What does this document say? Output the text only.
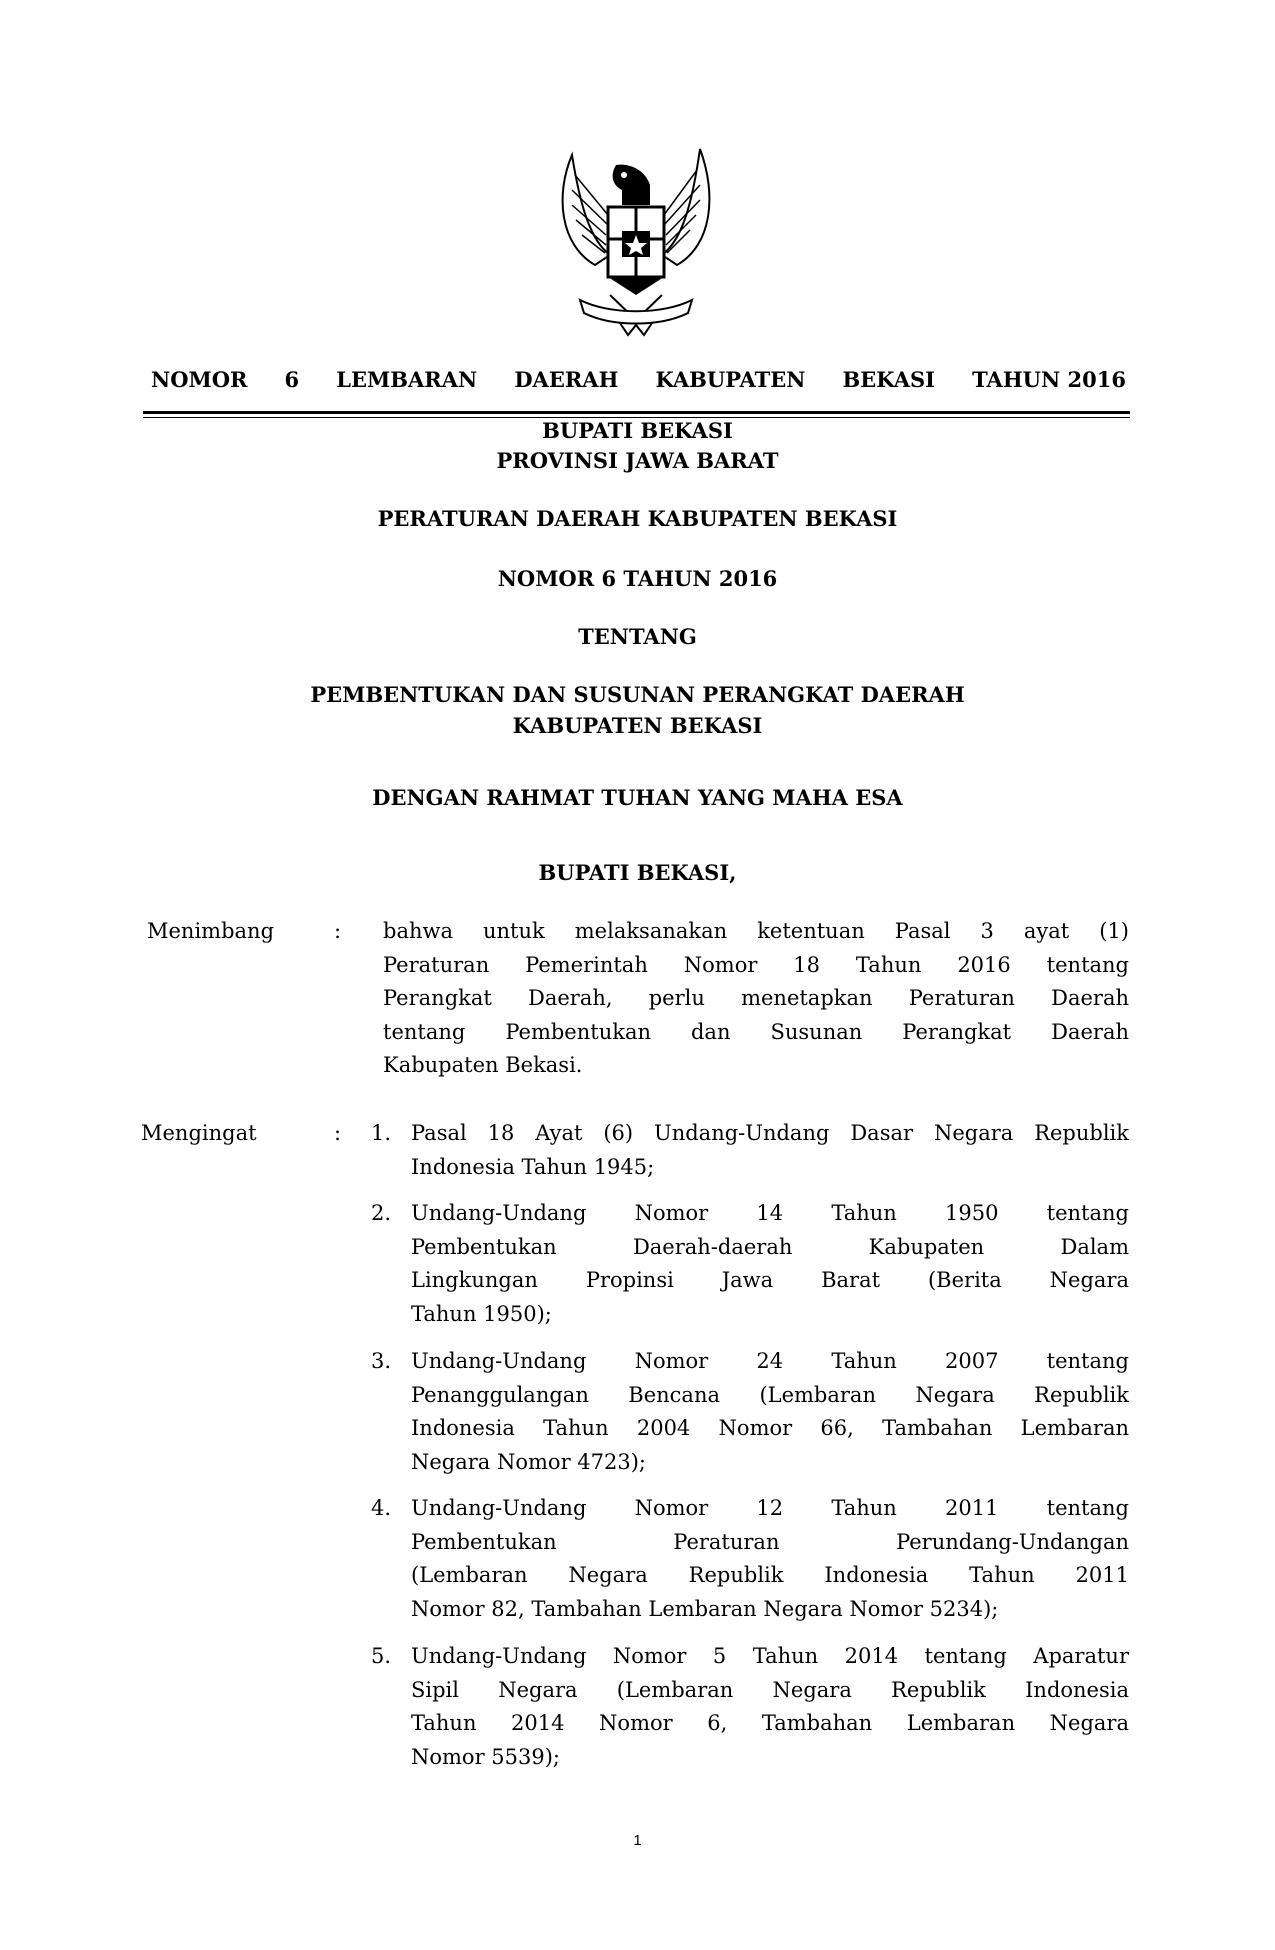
NOMOR 6 LEMBARAN DAERAH KABUPATEN BEKASI TAHUN 2016
BUPATI BEKASI
PROVINSI JAWA BARAT
PERATURAN DAERAH KABUPATEN BEKASI
NOMOR 6 TAHUN 2016
TENTANG
PEMBENTUKAN DAN SUSUNAN PERANGKAT DAERAH
KABUPATEN BEKASI
DENGAN RAHMAT TUHAN YANG MAHA ESA
BUPATI BEKASI,
Menimbang	: bahwa untuk melaksanakan ketentuan Pasal 3 ayat (1)
Peraturan Pemerintah Nomor 18 Tahun 2016 tentang
Perangkat Daerah, perlu menetapkan Peraturan Daerah
tentang Pembentukan dan Susunan Perangkat Daerah
Kabupaten Bekasi.
Mengingat	: 1. Pasal 18 Ayat (6) Undang-Undang Dasar Negara Republik
Indonesia Tahun 1945;
2. Undang-Undang Nomor 14 Tahun 1950 tentang
Pembentukan Daerah-daerah Kabupaten Dalam
Lingkungan Propinsi Jawa Barat (Berita Negara
Tahun 1950);
3. Undang-Undang Nomor 24 Tahun 2007 tentang
Penanggulangan Bencana (Lembaran Negara Republik
Indonesia Tahun 2004 Nomor 66, Tambahan Lembaran
Negara Nomor 4723);
4. Undang-Undang Nomor 12 Tahun 2011 tentang
Pembentukan Peraturan Perundang-Undangan
(Lembaran Negara Republik Indonesia Tahun 2011
Nomor 82, Tambahan Lembaran Negara Nomor 5234);
5. Undang-Undang Nomor 5 Tahun 2014 tentang Aparatur
Sipil Negara (Lembaran Negara Republik Indonesia
Tahun 2014 Nomor 6, Tambahan Lembaran Negara
Nomor 5539);
1
